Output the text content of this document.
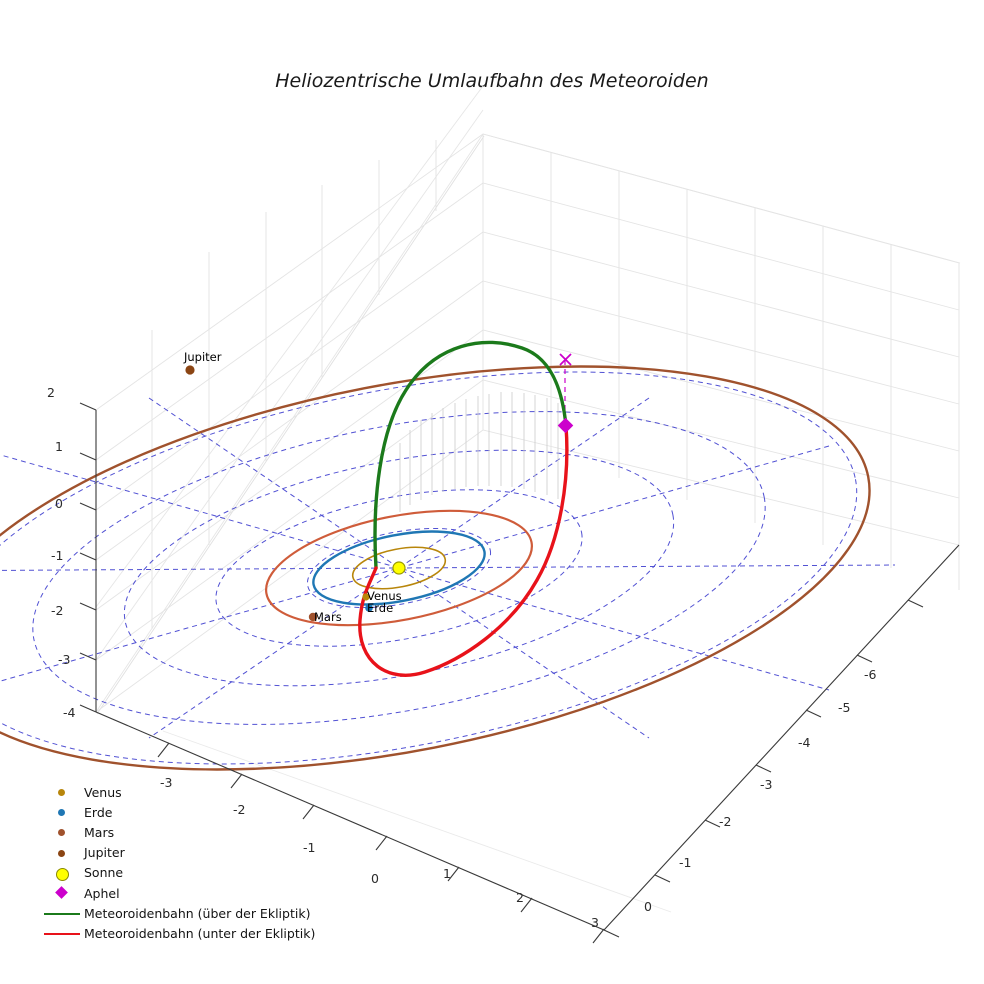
Heliozentrische Umlaufbahn des Meteoroiden
2
1
0
-1
-2
-3
-4
-3
-2
-1
0	1
2
3
-6
-5
-4
-3
-2
-1
0
Jupiter
Venus
Erde
Mars
Venus
Erde
Mars
Jupiter
Sonne
Aphel
Meteoroidenbahn (über der Ekliptik)
Meteoroidenbahn (unter der Ekliptik)
